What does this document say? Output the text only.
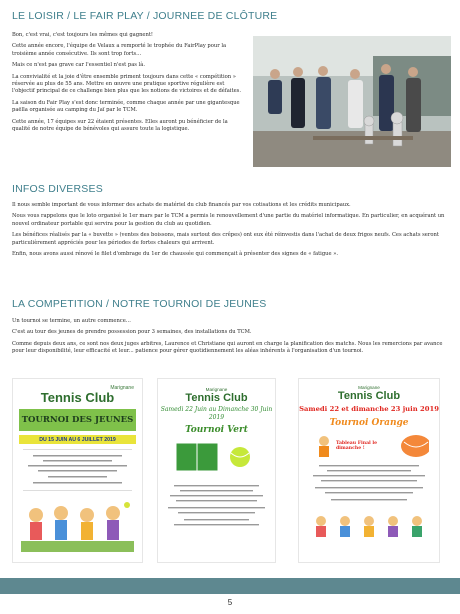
LE LOISIR / LE FAIR PLAY / JOURNEE DE CLÔTURE

Bon, c'est vrai, c'est toujours les mêmes qui gagnent!

Cette année encore, l'équipe de Velaux a remporté le trophée du FairPlay pour la troisième année consécutive. Ils sont trop forts…

Mais ce n'est pas grave car l'essentiel n'est pas là.

La convivialité et la joie d'être ensemble priment toujours dans cette « compétition » réservée au plus de 55 ans. Mettre en œuvre une pratique sportive régulière est l'objectif principal de ce challenge bien plus que les notions de victoires et de défaites.

La saison du Fair Play s'est donc terminée, comme chaque année par une gigantesque paëlla organisée au camping du Jaï par le TCM.

Cette année, 17 équipes sur 22 étaient présentes. Elles auront pu bénéficier de la qualité de notre équipe de bénévoles qui assure toute la logistique.

INFOS DIVERSES

Il nous semble important de vous informer des achats de matériel du club financés par vos cotisations et les crédits municipaux.

Nous vous rappelons que le loto organisé le 1er mars par le TCM a permis le renouvellement d'une partie du matériel informatique. En particulier, en acquérant un nouvel ordinateur portable qui servira pour la gestion du club au quotidien.

Les bénéfices réalisés par la « buvette » (ventes des boissons, mais surtout des crêpes) ont eux été réinvestis dans l'achat de deux frigos neufs. Ces achats seront particulièrement appréciés pour les périodes de fortes chaleurs qui arrivent.

Enfin, nous avons aussi rénové le filet d'ombrage du 1er de chaussée qui commençait à présenter des signes de « fatigue ».

LA COMPETITION / NOTRE TOURNOI DE JEUNES

Un tournoi se termine, un autre commence…

C'est au tour des jeunes de prendre possession pour 3 semaines, des installations du TCM.

Comme depuis deux ans, ce sont nos deux juges arbitres, Laurence et Christiane qui auront en charge la planification des matchs. Nous les remercions par avance pour leur disponibilité, leur efficacité et leur... patience pour gérer quotidiennement les aléas inhérents à l'organisation d'un tournoi.

Marignane
Tennis Club
TOURNOI DES JEUNES
DU 15 JUIN AU 6 JUILLET 2019
Marignane
Tennis Club
Samedi 22 Juin au Dimanche 30 Juin 2019
Tournoi Vert
Marignane
Tennis Club
Samedi 22 et dimanche 23 juin 2019
Tournoi Orange
Tableau Final le dimanche !
5
